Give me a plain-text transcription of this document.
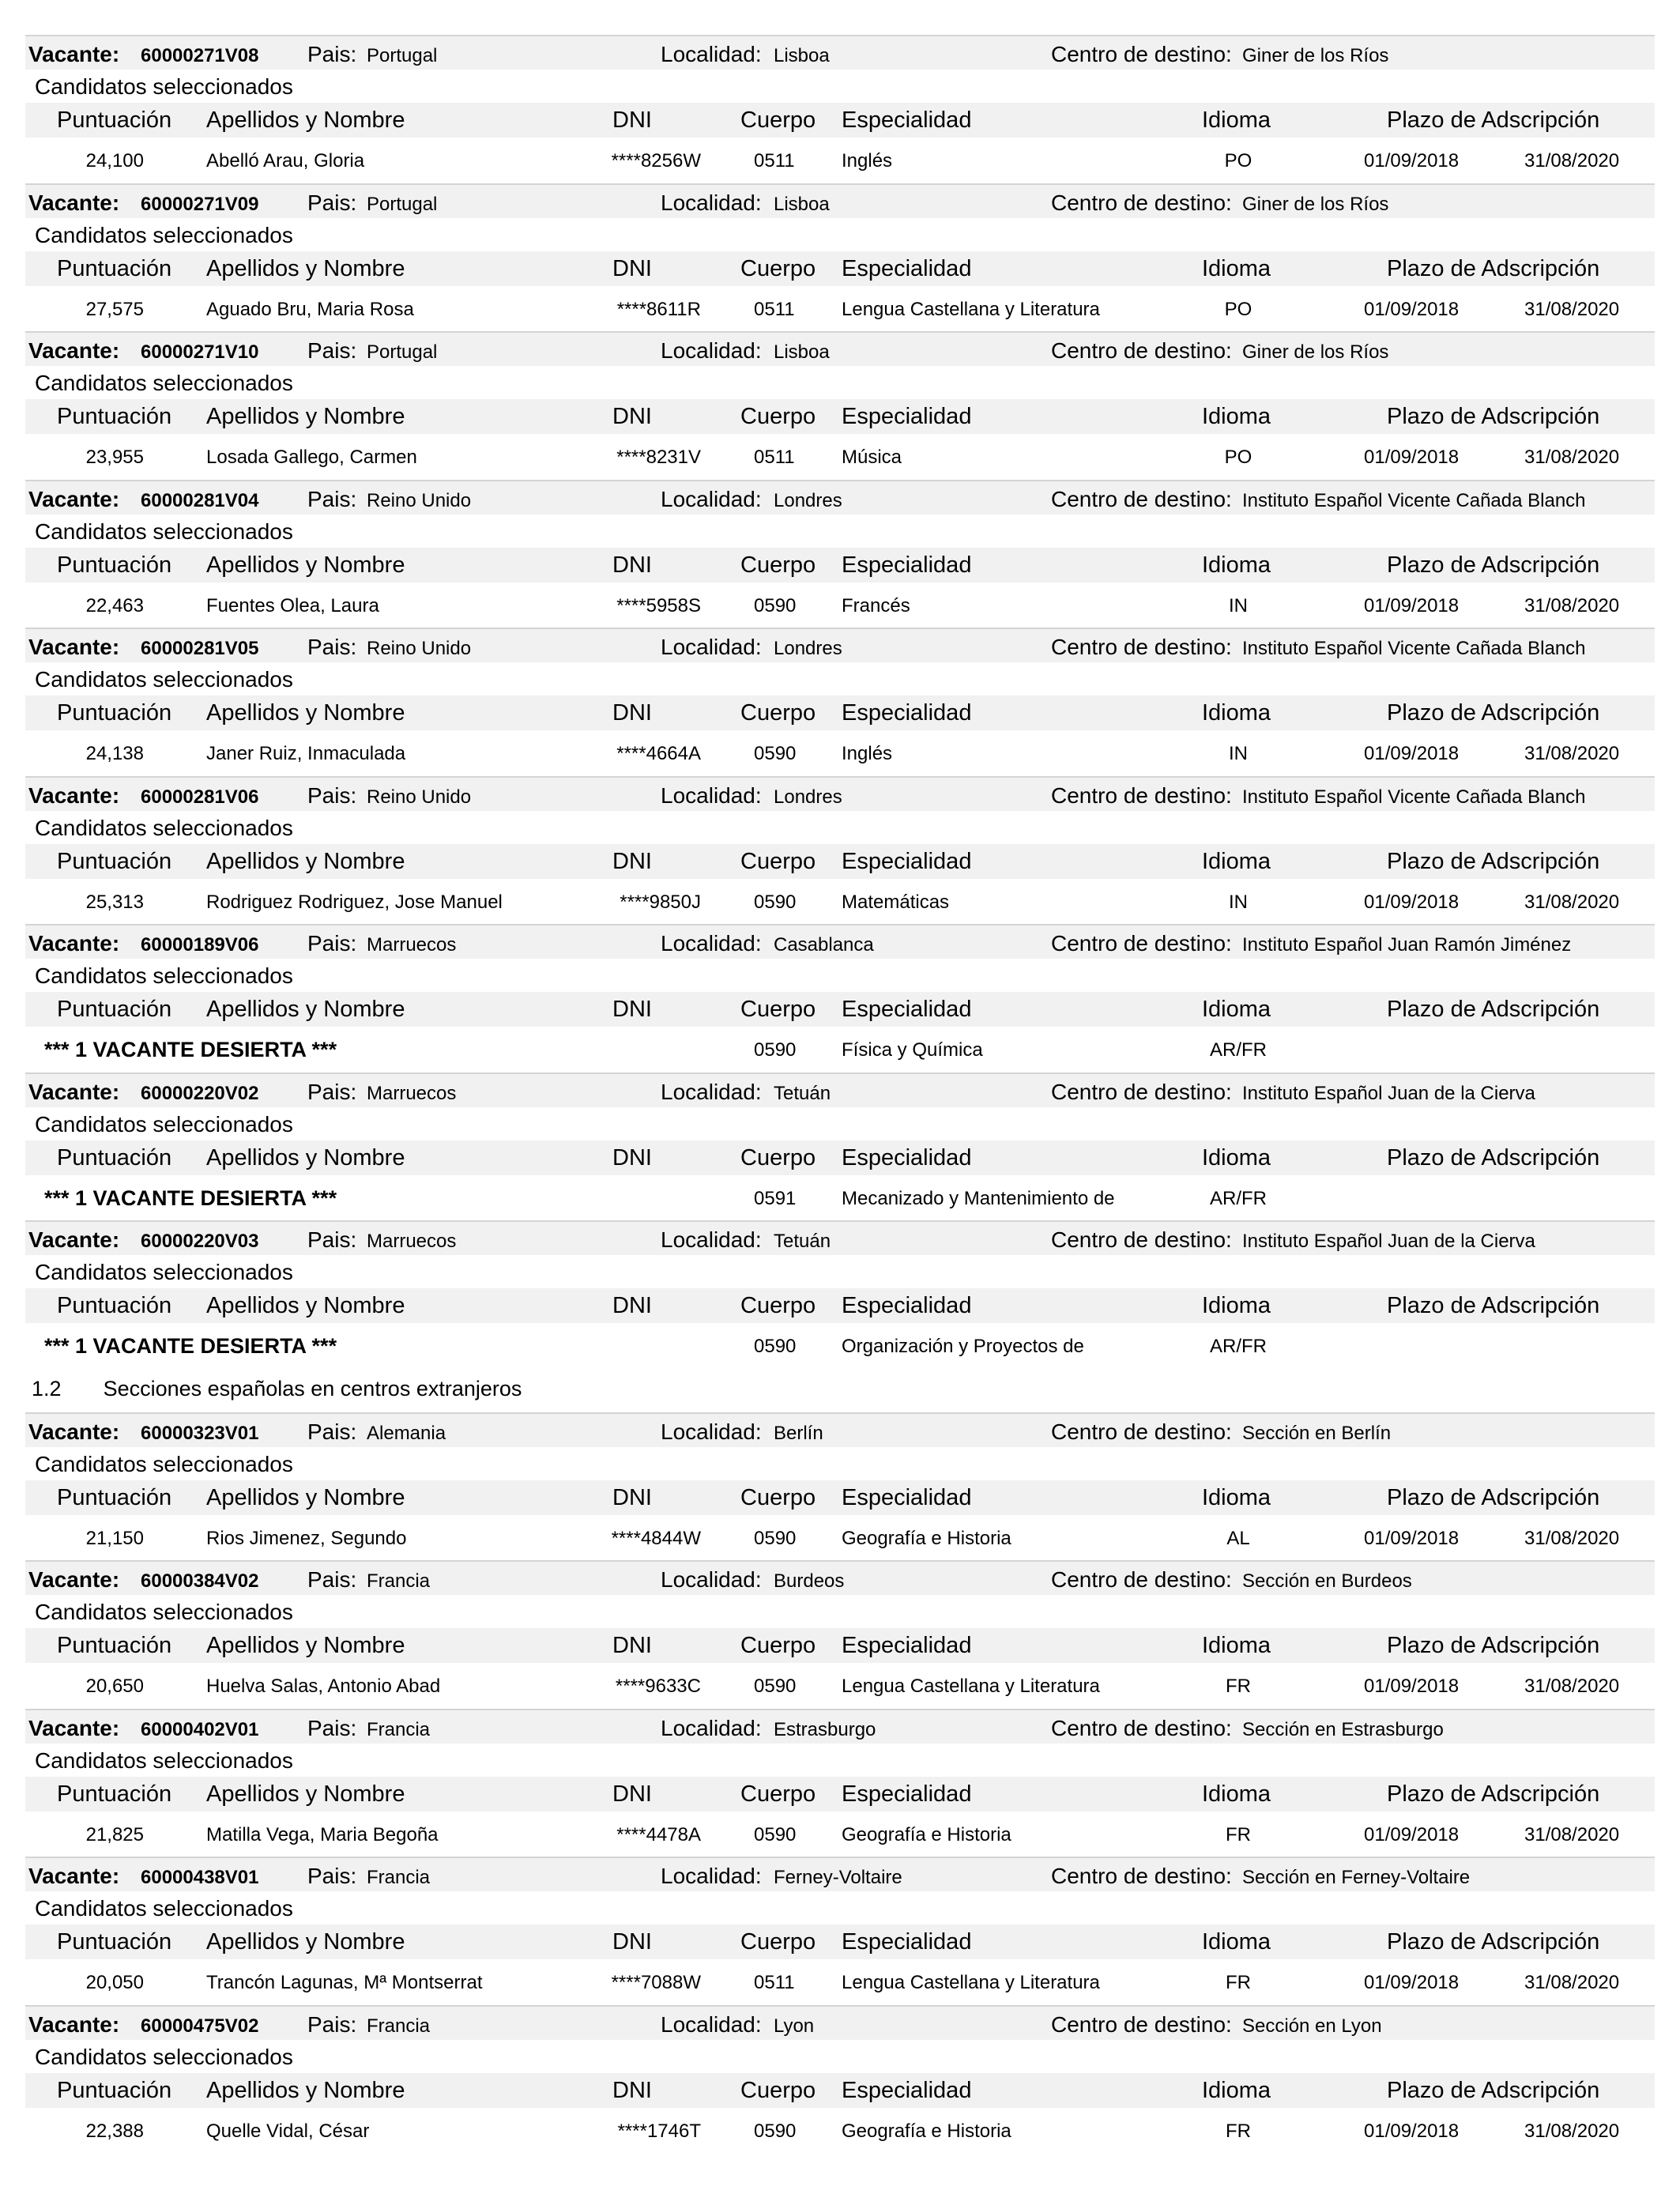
1.2 Secciones españolas en centros extranjeros
Vacante: 60000271V08 Pais: Portugal	Localidad: Lisboa	Centro de destino: Giner de los Ríos
Candidatos seleccionados
Puntuación Apellidos y Nombre	DNI	Cuerpo Especialidad	Idioma	Plazo de Adscripción
24,100	Abelló Arau, Gloria	****8256W	0511 Inglés	PO	01/09/2018	31/08/2020
Vacante: 60000271V09 Pais: Portugal	Localidad: Lisboa	Centro de destino: Giner de los Ríos
Candidatos seleccionados
Puntuación Apellidos y Nombre	DNI	Cuerpo Especialidad	Idioma	Plazo de Adscripción
27,575	Aguado Bru, Maria Rosa	****8611R	0511 Lengua Castellana y Literatura	PO	01/09/2018	31/08/2020
Vacante: 60000271V10 Pais: Portugal	Localidad: Lisboa	Centro de destino: Giner de los Ríos
Candidatos seleccionados
Puntuación Apellidos y Nombre	DNI	Cuerpo Especialidad	Idioma	Plazo de Adscripción
23,955	Losada Gallego, Carmen	****8231V	0511 Música	PO	01/09/2018	31/08/2020
Vacante: 60000281V04 Pais: Reino Unido	Localidad: Londres	Centro de destino: Instituto Español Vicente Cañada Blanch
Candidatos seleccionados
Puntuación Apellidos y Nombre	DNI	Cuerpo Especialidad	Idioma	Plazo de Adscripción
22,463	Fuentes Olea, Laura	****5958S	0590 Francés	IN	01/09/2018	31/08/2020
Vacante: 60000281V05 Pais: Reino Unido	Localidad: Londres	Centro de destino: Instituto Español Vicente Cañada Blanch
Candidatos seleccionados
Puntuación Apellidos y Nombre	DNI	Cuerpo Especialidad	Idioma	Plazo de Adscripción
24,138	Janer Ruiz, Inmaculada	****4664A	0590 Inglés	IN	01/09/2018	31/08/2020
Vacante: 60000281V06 Pais: Reino Unido	Localidad: Londres	Centro de destino: Instituto Español Vicente Cañada Blanch
Candidatos seleccionados
Puntuación Apellidos y Nombre	DNI	Cuerpo Especialidad	Idioma	Plazo de Adscripción
25,313	Rodriguez Rodriguez, Jose Manuel	****9850J	0590 Matemáticas	IN	01/09/2018	31/08/2020
Vacante: 60000189V06 Pais: Marruecos	Localidad: Casablanca	Centro de destino: Instituto Español Juan Ramón Jiménez
Candidatos seleccionados
Puntuación Apellidos y Nombre	DNI	Cuerpo Especialidad	Idioma	Plazo de Adscripción
*** 1 VACANTE DESIERTA ***	0590 Física y Química	AR/FR
Vacante: 60000220V02 Pais: Marruecos	Localidad: Tetuán	Centro de destino: Instituto Español Juan de la Cierva
Candidatos seleccionados
Puntuación Apellidos y Nombre	DNI	Cuerpo Especialidad	Idioma	Plazo de Adscripción
*** 1 VACANTE DESIERTA ***	0591 Mecanizado y Mantenimiento de	AR/FR
Vacante: 60000220V03 Pais: Marruecos	Localidad: Tetuán	Centro de destino: Instituto Español Juan de la Cierva
Candidatos seleccionados
Puntuación Apellidos y Nombre	DNI	Cuerpo Especialidad	Idioma	Plazo de Adscripción
*** 1 VACANTE DESIERTA ***	0590 Organización y Proyectos de	AR/FR
Vacante: 60000323V01 Pais: Alemania	Localidad: Berlín	Centro de destino: Sección en Berlín
Candidatos seleccionados
Puntuación Apellidos y Nombre	DNI	Cuerpo Especialidad	Idioma	Plazo de Adscripción
21,150	Rios Jimenez, Segundo	****4844W	0590 Geografía e Historia	AL	01/09/2018	31/08/2020
Vacante: 60000384V02 Pais: Francia	Localidad: Burdeos	Centro de destino: Sección en Burdeos
Candidatos seleccionados
Puntuación Apellidos y Nombre	DNI	Cuerpo Especialidad	Idioma	Plazo de Adscripción
20,650	Huelva Salas, Antonio Abad	****9633C	0590 Lengua Castellana y Literatura	FR	01/09/2018	31/08/2020
Vacante: 60000402V01 Pais: Francia	Localidad: Estrasburgo	Centro de destino: Sección en Estrasburgo
Candidatos seleccionados
Puntuación Apellidos y Nombre	DNI	Cuerpo Especialidad	Idioma	Plazo de Adscripción
21,825	Matilla Vega, Maria Begoña	****4478A	0590 Geografía e Historia	FR	01/09/2018	31/08/2020
Vacante: 60000438V01 Pais: Francia	Localidad: Ferney-Voltaire	Centro de destino: Sección en Ferney-Voltaire
Candidatos seleccionados
Puntuación Apellidos y Nombre	DNI	Cuerpo Especialidad	Idioma	Plazo de Adscripción
20,050	Trancón Lagunas, Mª Montserrat	****7088W	0511 Lengua Castellana y Literatura	FR	01/09/2018	31/08/2020
Vacante: 60000475V02 Pais: Francia	Localidad: Lyon	Centro de destino: Sección en Lyon
Candidatos seleccionados
Puntuación Apellidos y Nombre	DNI	Cuerpo Especialidad	Idioma	Plazo de Adscripción
22,388	Quelle Vidal, César	****1746T	0590 Geografía e Historia	FR	01/09/2018	31/08/2020
